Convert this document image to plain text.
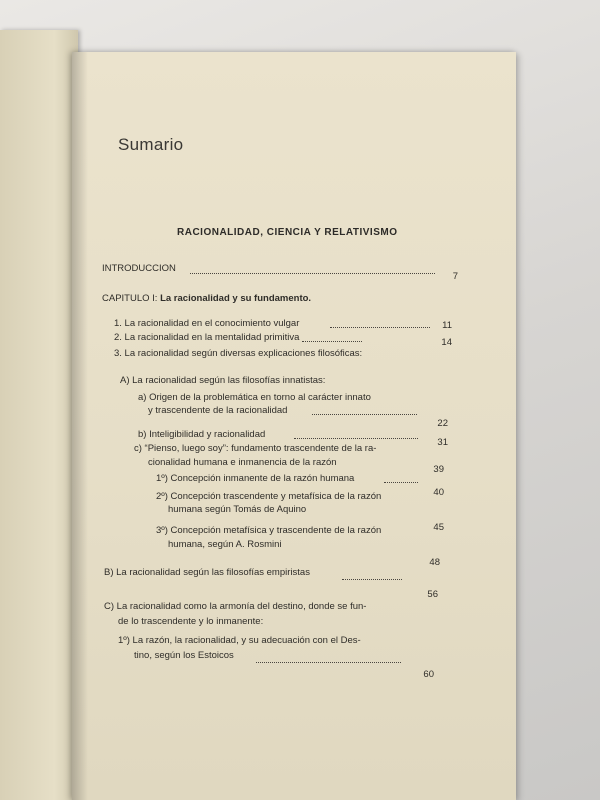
Sumario
RACIONALIDAD, CIENCIA Y RELATIVISMO
INTRODUCCION
7
CAPITULO I: La racionalidad y su fundamento.
1. La racionalidad en el conocimiento vulgar	11
2. La racionalidad en la mentalidad primitiva	14
3. La racionalidad según diversas explicaciones filosóficas:
A) La racionalidad según las filosofías innatistas:
a) Origen de la problemática en torno al carácter innato
y trascendente de la racionalidad
22
b) Inteligibilidad y racionalidad
31
c) “Pienso, luego soy”: fundamento trascendente de la ra-
cionalidad humana e inmanencia de la razón
39
1º) Concepción inmanente de la razón humana
40
2º) Concepción trascendente y metafísica de la razón
humana según Tomás de Aquino
45
3º) Concepción metafísica y trascendente de la razón
humana, según A. Rosmini
48
B) La racionalidad según las filosofías empiristas
56
C) La racionalidad como la armonía del destino, donde se fun-
de lo trascendente y lo inmanente:
1º) La razón, la racionalidad, y su adecuación con el Des-
tino, según los Estoicos
60
